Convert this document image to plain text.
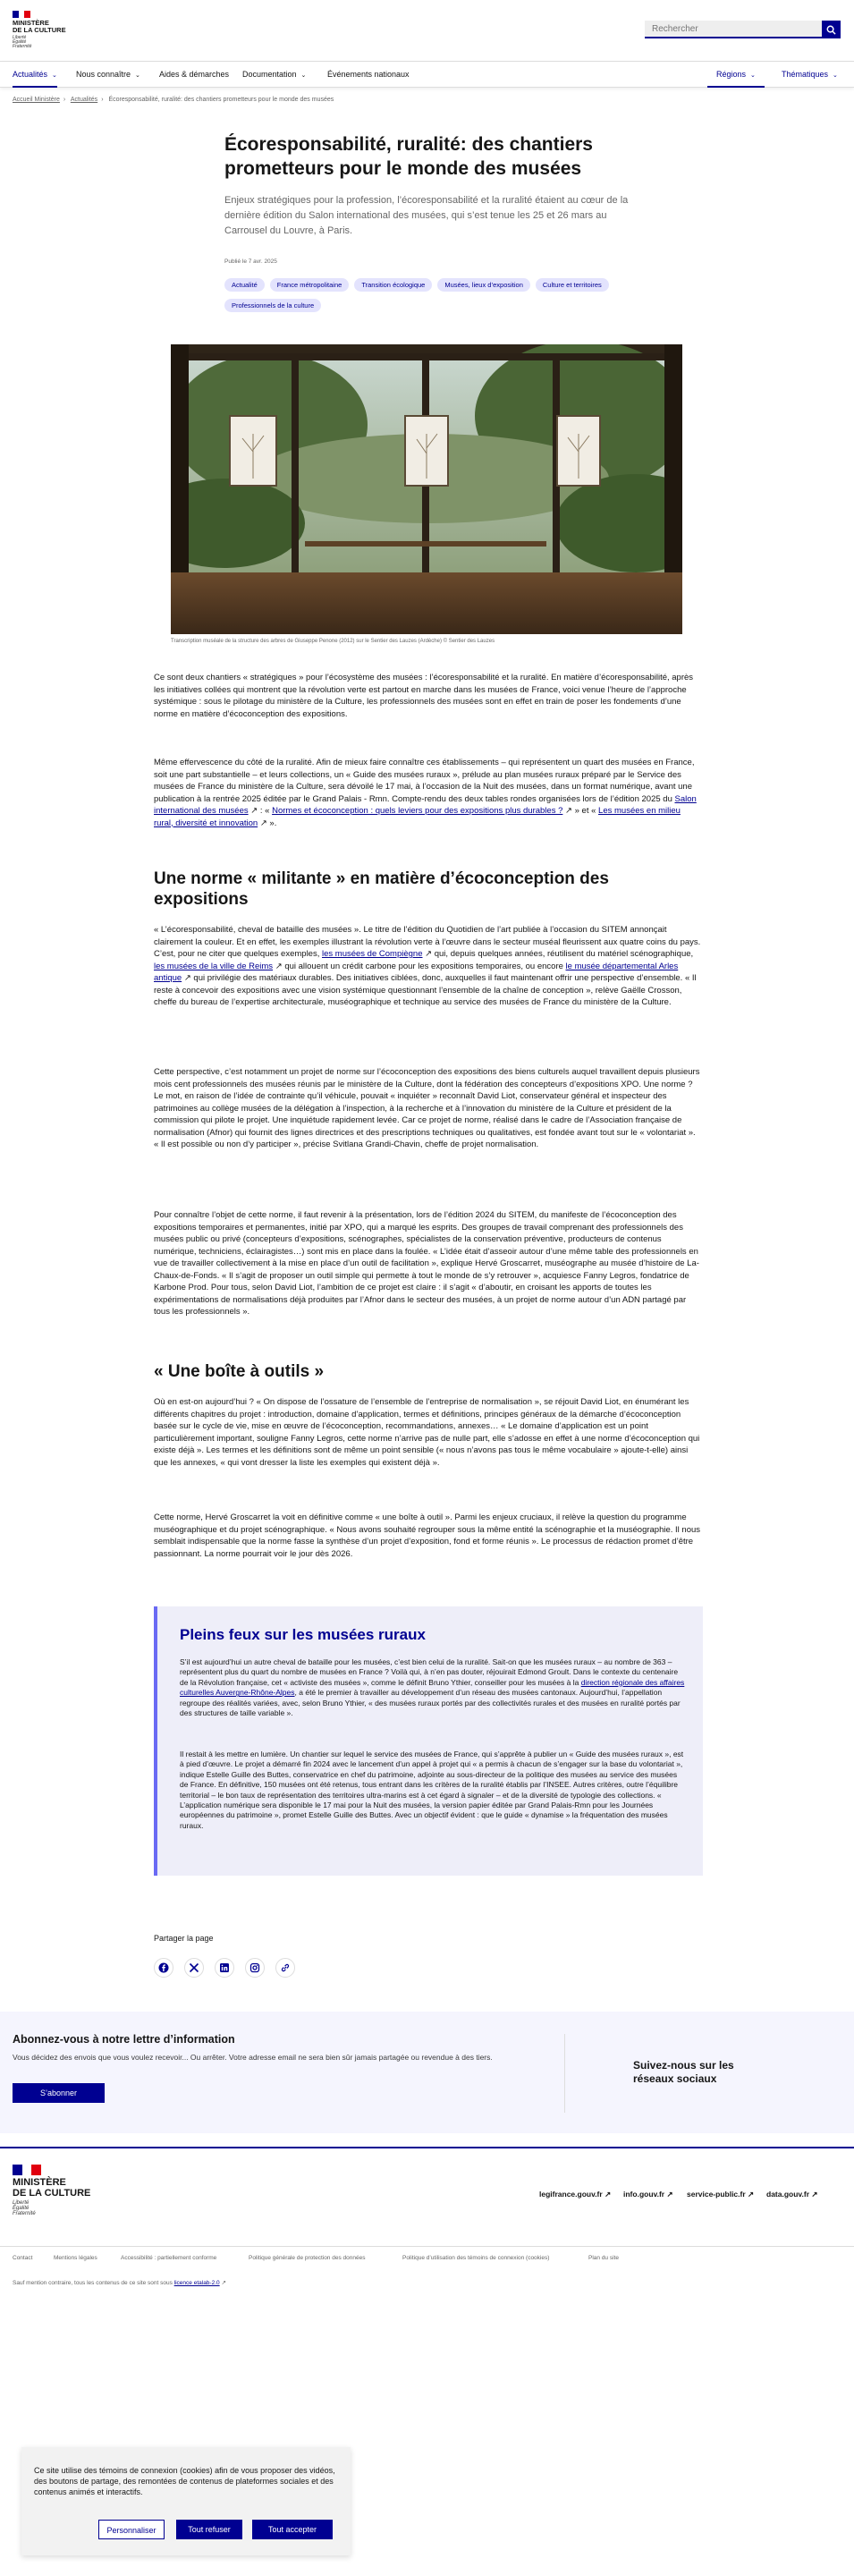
MINISTÈRE
DE LA CULTURE
Liberté
Égalité
Fraternité
Rechercher
Actualités ⌄ Nous connaître ⌄ Aides & démarches Documentation ⌄	Événements nationaux	Régions ⌄	Thématiques ⌄
Accueil Ministère › Actualités › Écoresponsabilité, ruralité: des chantiers prometteurs pour le monde des musées
Écoresponsabilité, ruralité: des chantiers prometteurs pour le monde des musées

Enjeux stratégiques pour la profession, l’écoresponsabilité et la ruralité étaient au cœur de la dernière édition du Salon international des musées, qui s’est tenue les 25 et 26 mars au Carrousel du Louvre, à Paris.

Publié le 7 avr. 2025
Actualité	France métropolitaine	Transition écologique	Musées, lieux d’exposition	Culture et territoires
Professionnels de la culture
Transcription muséale de la structure des arbres de Giuseppe Penone (2012) sur le Sentier des Lauzes (Ardèche) © Sentier des Lauzes

Ce sont deux chantiers « stratégiques » pour l’écosystème des musées : l’écoresponsabilité et la ruralité. En matière d’écoresponsabilité, après les initiatives collées qui montrent que la révolution verte est partout en marche dans les musées de France, voici venue l’heure de l’approche systémique : sous le pilotage du ministère de la Culture, les professionnels des musées sont en effet en train de poser les fondements d’une norme en matière d’écoconception des expositions.

Même effervescence du côté de la ruralité. Afin de mieux faire connaître ces établissements – qui représentent un quart des musées en France, soit une part substantielle – et leurs collections, un « Guide des musées ruraux », prélude au plan musées ruraux préparé par le Service des musées de France du ministère de la Culture, sera dévoilé le 17 mai, à l’occasion de la Nuit des musées, dans un format numérique, avant une publication à la rentrée 2025 éditée par le Grand Palais - Rmn. Compte-rendu des deux tables rondes organisées lors de l’édition 2025 du Salon international des musées ↗ : « Normes et écoconception : quels leviers pour des expositions plus durables ? ↗ » et « Les musées en milieu rural, diversité et innovation ↗ ».

Une norme « militante » en matière d’écoconception des expositions

« L’écoresponsabilité, cheval de bataille des musées ». Le titre de l’édition du Quotidien de l’art publiée à l’occasion du SITEM annonçait clairement la couleur. Et en effet, les exemples illustrant la révolution verte à l’œuvre dans le secteur muséal fleurissent aux quatre coins du pays. C’est, pour ne citer que quelques exemples, les musées de Compiègne ↗ qui, depuis quelques années, réutilisent du matériel scénographique, les musées de la ville de Reims ↗ qui allouent un crédit carbone pour les expositions temporaires, ou encore le musée départemental Arles antique ↗ qui privilégie des matériaux durables. Des initiatives ciblées, donc, auxquelles il faut maintenant offrir une perspective d’ensemble. « Il reste à concevoir des expositions avec une vision systémique questionnant l’ensemble de la chaîne de conception », relève Gaëlle Crosson, cheffe du bureau de l’expertise architecturale, muséographique et technique au service des musées de France du ministère de la Culture.

Cette perspective, c’est notamment un projet de norme sur l’écoconception des expositions des biens culturels auquel travaillent depuis plusieurs mois cent professionnels des musées réunis par le ministère de la Culture, dont la fédération des concepteurs d’expositions XPO. Une norme ? Le mot, en raison de l’idée de contrainte qu’il véhicule, pouvait « inquiéter » reconnaît David Liot, conservateur général et inspecteur des patrimoines au collège musées de la délégation à l’inspection, à la recherche et à l’innovation du ministère de la Culture et président de la commission qui pilote le projet. Une inquiétude rapidement levée. Car ce projet de norme, réalisé dans le cadre de l’Association française de normalisation (Afnor) qui fournit des lignes directrices et des prescriptions techniques ou qualitatives, est fondée avant tout sur le « volontariat ». « Il est possible ou non d’y participer », précise Svitlana Grandi-Chavin, cheffe de projet normalisation.

Pour connaître l’objet de cette norme, il faut revenir à la présentation, lors de l’édition 2024 du SITEM, du manifeste de l’écoconception des expositions temporaires et permanentes, initié par XPO, qui a marqué les esprits. Des groupes de travail comprenant des professionnels des musées public ou privé (concepteurs d’expositions, scénographes, spécialistes de la conservation préventive, producteurs de contenus numérique, techniciens, éclairagistes…) sont mis en place dans la foulée. « L’idée était d’asseoir autour d’une même table des professionnels en vue de travailler collectivement à la mise en place d’un outil de facilitation », explique Hervé Groscarret, muséographe au musée d’histoire de La-Chaux-de-Fonds. « Il s’agit de proposer un outil simple qui permette à tout le monde de s’y retrouver », acquiesce Fanny Legros, fondatrice de Karbone Prod. Pour tous, selon David Liot, l’ambition de ce projet est claire : il s’agit « d’aboutir, en croisant les apports de toutes les expérimentations de normalisations déjà produites par l’Afnor dans le secteur des musées, à un projet de norme autour d’un ADN partagé par tous les professionnels ».

« Une boîte à outils »

Où en est-on aujourd’hui ? « On dispose de l’ossature de l’ensemble de l’entreprise de normalisation », se réjouit David Liot, en énumérant les différents chapitres du projet : introduction, domaine d’application, termes et définitions, principes généraux de la démarche d’écoconception basée sur le cycle de vie, mise en œuvre de l’écoconception, recommandations, annexes… « Le domaine d’application est un point particulièrement important, souligne Fanny Legros, cette norme n’arrive pas de nulle part, elle s’adosse en effet à une norme d’écoconception qui existe déjà ». Les termes et les définitions sont de même un point sensible (« nous n’avons pas tous le même vocabulaire » ajoute-t-elle) ainsi que les annexes, « qui vont dresser la liste les exemples qui existent déjà ».

Cette norme, Hervé Groscarret la voit en définitive comme « une boîte à outil ». Parmi les enjeux cruciaux, il relève la question du programme muséographique et du projet scénographique. « Nous avons souhaité regrouper sous la même entité la scénographie et la muséographie. Il nous semblait indispensable que la norme fasse la synthèse d’un projet d’exposition, fond et forme réunis ». Le processus de rédaction promet d’être passionnant. La norme pourrait voir le jour dès 2026.

Pleins feux sur les musées ruraux

S’il est aujourd’hui un autre cheval de bataille pour les musées, c’est bien celui de la ruralité. Sait-on que les musées ruraux – au nombre de 363 – représentent plus du quart du nombre de musées en France ? Voilà qui, à n’en pas douter, réjouirait Edmond Groult. Dans le contexte du centenaire de la Révolution française, cet « activiste des musées », comme le définit Bruno Ythier, conseiller pour les musées à la direction régionale des affaires culturelles Auvergne-Rhône-Alpes, a été le premier à travailler au développement d’un réseau des musées cantonaux. Aujourd’hui, l’appellation regroupe des réalités variées, avec, selon Bruno Ythier, « des musées ruraux portés par des collectivités rurales et des musées en ruralité portés par des structures de taille variable ».

Il restait à les mettre en lumière. Un chantier sur lequel le service des musées de France, qui s’apprête à publier un « Guide des musées ruraux », est à pied d’œuvre. Le projet a démarré fin 2024 avec le lancement d’un appel à projet qui « a permis à chacun de s’engager sur la base du volontariat », indique Estelle Guille des Buttes, conservatrice en chef du patrimoine, adjointe au sous-directeur de la politique des musées au service des musées de France. En définitive, 150 musées ont été retenus, tous entrant dans les critères de la ruralité établis par l’INSEE. Autres critères, outre l’équilibre territorial – le bon taux de représentation des territoires ultra-marins est à cet égard à signaler – et de la diversité de typologie des collections. « L’application numérique sera disponible le 17 mai pour la Nuit des musées, la version papier éditée par Grand Palais-Rmn pour les Journées européennes du patrimoine », promet Estelle Guille des Buttes. Avec un objectif évident : que le guide « dynamise » la fréquentation des musées ruraux.

Partager la page
Abonnez-vous à notre lettre d’information

Vous décidez des envois que vous voulez recevoir... Ou arrêter. Votre adresse email ne sera bien sûr jamais partagée ou revendue à des tiers.

S’abonner
Suivez-nous sur les réseaux sociaux
MINISTÈRE
DE LA CULTURE
Liberté
Égalité
Fraternité
legifrance.gouv.fr ↗ info.gouv.fr ↗ service-public.fr ↗ data.gouv.fr ↗
Contact	Mentions légales	Accessibilité : partiellement conforme	Politique générale de protection des données	Politique d’utilisation des témoins de connexion (cookies)	Plan du site
Sauf mention contraire, tous les contenus de ce site sont sous licence etalab-2.0 ↗

Ce site utilise des témoins de connexion (cookies) afin de vous proposer des vidéos, des boutons de partage, des remontées de contenus de plateformes sociales et des contenus animés et interactifs.

Personnaliser	Tout refuser	Tout accepter
